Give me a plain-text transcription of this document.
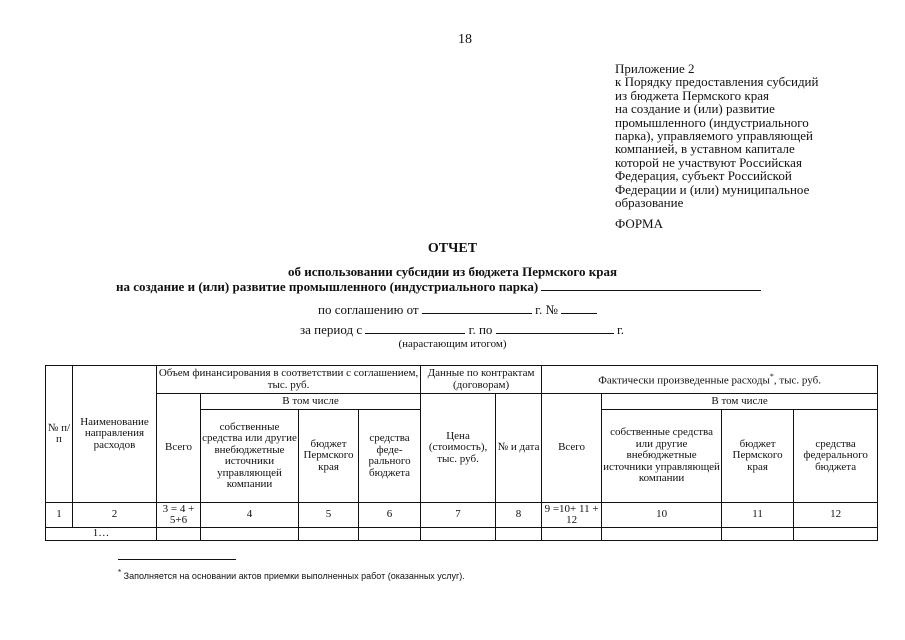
18
Приложение 2
к Порядку предоставления субсидий
из бюджета Пермского края
на создание и (или) развитие
промышленного (индустриального
парка), управляемого управляющей
компанией, в уставном капитале
которой не участвуют Российская
Федерация, субъект Российской
Федерации и (или) муниципальное
образование
ФОРМА
ОТЧЕТ
об использовании субсидии из бюджета Пермского края
на создание и (или) развитие промышленного (индустриального парка)
по соглашению от	г. №
за период с	г. по	г.
(нарастающим итогом)
№ п/п	Наименование направления расходов	Объем финансирования в соответствии с соглашением, тыс. руб.				Данные по контрактам (договорам)		Фактически произведенные расходы*, тыс. руб.			
		Всего	В том числе			Цена (стоимость), тыс. руб.	№ и дата	Всего	В том числе		
			собственные средства или другие внебюджетные источники управляющей компании	бюджет Пермского края	средства феде-рального бюджета				собственные средства или другие внебюджетные источники управляющей компании	бюджет Пермского края	средства федерального бюджета
1	2	3 = 4 + 5+6	4	5	6	7	8	9 =10+ 11 + 12	10	11	12
1…											
* Заполняется на основании актов приемки выполненных работ (оказанных услуг).
